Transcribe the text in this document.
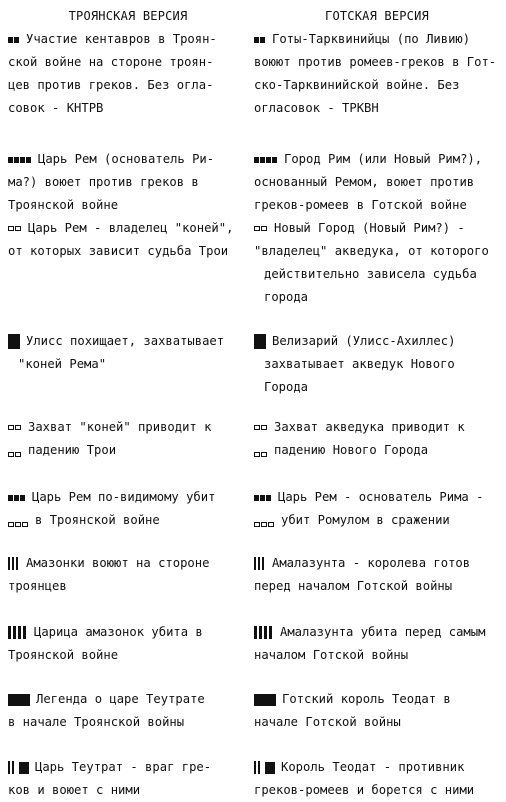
ТРОЯНСКАЯ ВЕРСИЯ
Участие кентавров в Троян-
ской войне на стороне троян-
цев против греков. Без огла-
совок - КНТРВ
Царь Рем (основатель Ри-
ма?) воюет против греков в
Троянской войне
Царь Рем - владелец "коней",
от которых зависит судьба Трои
Улисс похищает, захватывает
"коней Рема"
Захват "коней" приводит к
падению Трои
Царь Рем по-видимому убит
в Троянской войне
Амазонки воюют на стороне
троянцев
Царица амазонок убита в
Троянской войне
Легенда о царе Теутрате
в начале Троянской войны
Царь Теутрат - враг гре-
ков и воюет с ними
ГОТСКАЯ ВЕРСИЯ
Готы-Тарквинийцы (по Ливию)
воюют против ромеев-греков в Гот-
ско-Тарквинийской войне. Без
огласовок - ТРКВН
Город Рим (или Новый Рим?),
основанный Ремом, воюет против
греков-ромеев в Готской войне
Новый Город (Новый Рим?) -
"владелец" акведука, от которого
действительно зависела судьба
города
Велизарий (Улисс-Ахиллес)
захватывает акведук Нового
Города
Захват акведука приводит к
падению Нового Города
Царь Рем - основатель Рима -
убит Ромулом в сражении
Амалазунта - королева готов
перед началом Готской войны
Амалазунта убита перед самым
началом Готской войны
Готский король Теодат в
начале Готской войны
Король Теодат - противник
греков-ромеев и борется с ними
